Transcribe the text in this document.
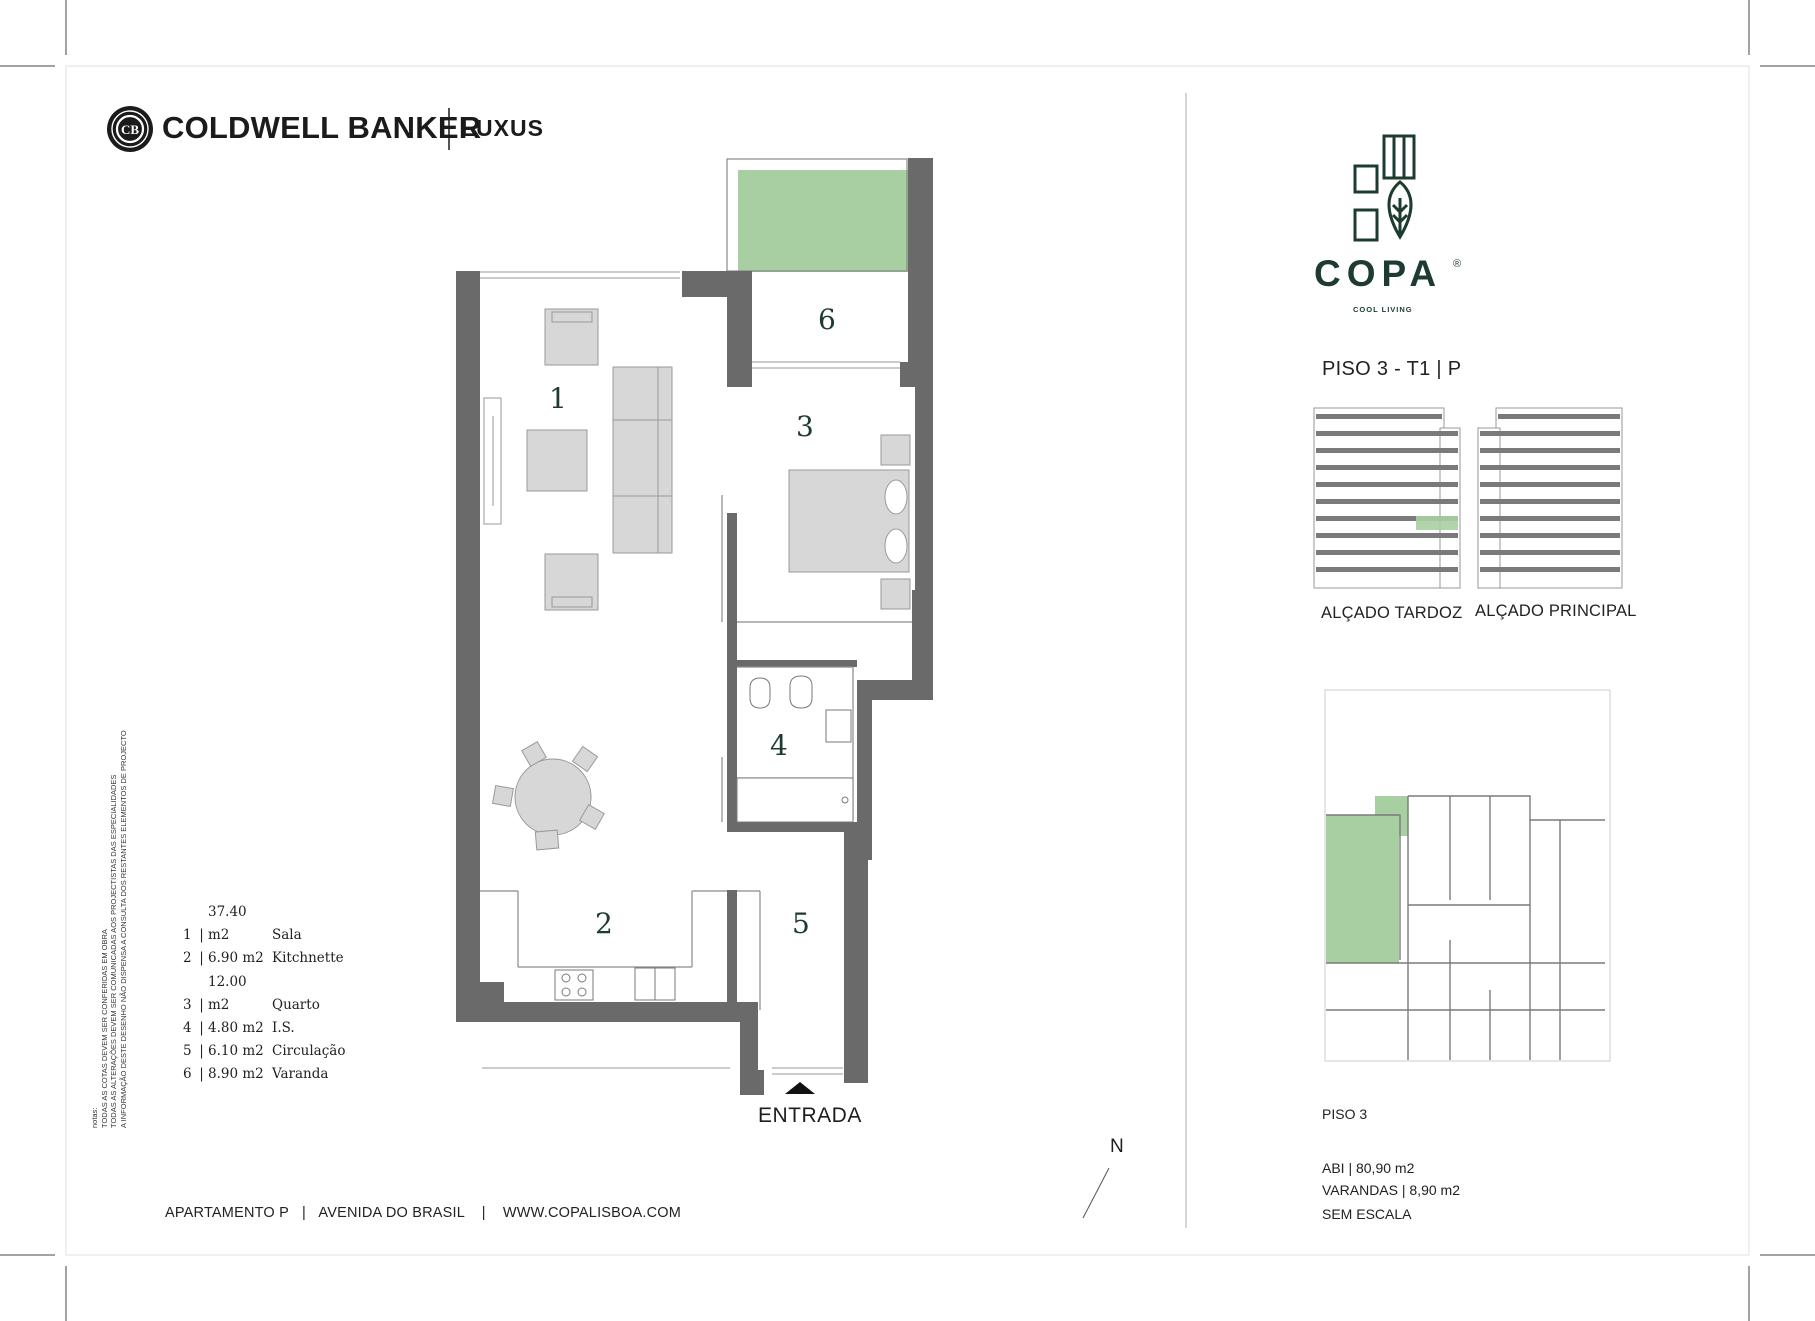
CB COLDWELL BANKER
LUXUS
1
2
3
4
5
6
ENTRADA
N
1 |37.40 m2	Sala
2 | 6.90 m2 Kitchnette
3 |12.00 m2	Quarto
4 | 4.80 m2 I.S.
5 | 6.10 m2 Circulação
6 | 8.90 m2 Varanda
notas: TODAS AS COTAS DEVEM SER CONFERIDAS EM OBRA TODAS AS ALTERAÇÕES DEVEM SER COMUNICADAS AOS PROJECTISTAS DAS ESPECIALIDADES A INFORMAÇÃO DESTE DESENHO NÃO DISPENSA A CONSULTA DOS RESTANTES ELEMENTOS DE PROJECTO
APARTAMENTO P | AVENIDA DO BRASIL | WWW.COPALISBOA.COM
COPA ®
COOL LIVING
PISO 3 - T1 | P
ALÇADO TARDOZ ALÇADO PRINCIPAL
PISO 3
ABI | 80,90 m2
VARANDAS | 8,90 m2
SEM ESCALA
